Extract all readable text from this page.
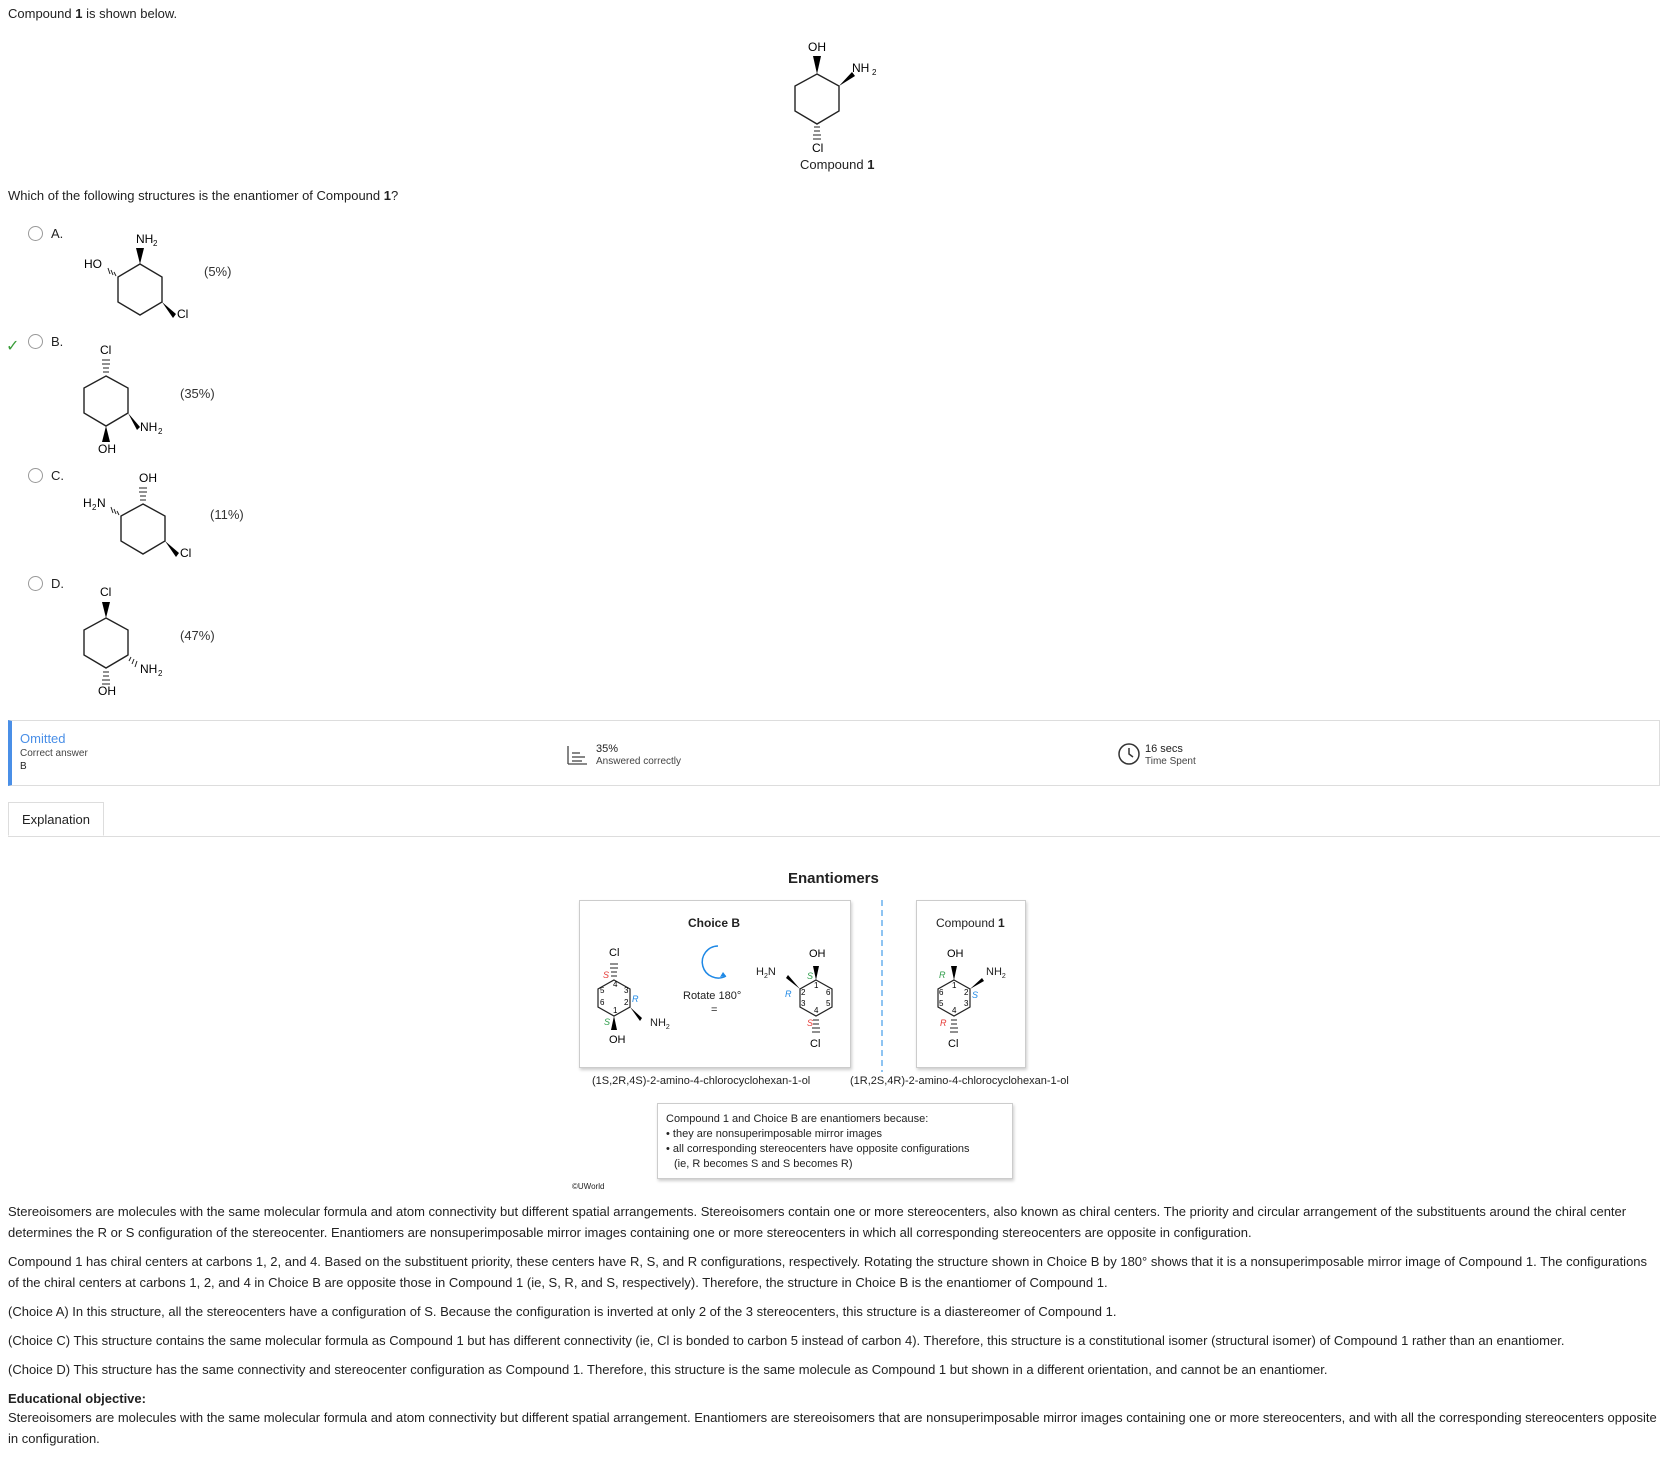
Compound 1 is shown below.
OH
NH 2
Cl
Compound 1
Which of the following structures is the enantiomer of Compound 1?
A.	NH 2
HO
Cl
(5%)
✓ B.
Cl
NH 2
OH
(35%)
C.	OH
H 2 N
Cl
(11%)
D.
Cl
NH 2
OH
(47%)
Omitted
Correct answer
B
35%
Answered correctly
16 secs
Time Spent
Explanation
Enantiomers
Choice B
Cl
OH
S
R
S
4
3
2
1
6
5
$NH_2$
Rotate 180°
=
OH
Cl
S
R
S
1
2
3
4
5
6
$H_2N$
Compound 1
OH
Cl
R
S
R
1
2
3
4
5
6
$NH_2$
(1S,2R,4S)-2-amino-4-chlorocyclohexan-1-ol	(1R,2S,4R)-2-amino-4-chlorocyclohexan-1-ol
Compound 1 and Choice B are enantiomers because:
• they are nonsuperimposable mirror images
• all corresponding stereocenters have opposite configurations
(ie, R becomes S and S becomes R)
©UWorld
Stereoisomers are molecules with the same molecular formula and atom connectivity but different spatial arrangements. Stereoisomers contain one or more stereocenters, also known as chiral centers. The priority and circular arrangement of the substituents around the chiral center determines the R or S configuration of the stereocenter. Enantiomers are nonsuperimposable mirror images containing one or more stereocenters in which all corresponding stereocenters are opposite in configuration.
Compound 1 has chiral centers at carbons 1, 2, and 4. Based on the substituent priority, these centers have R, S, and R configurations, respectively. Rotating the structure shown in Choice B by 180° shows that it is a nonsuperimposable mirror image of Compound 1. The configurations of the chiral centers at carbons 1, 2, and 4 in Choice B are opposite those in Compound 1 (ie, S, R, and S, respectively). Therefore, the structure in Choice B is the enantiomer of Compound 1.
(Choice A) In this structure, all the stereocenters have a configuration of S. Because the configuration is inverted at only 2 of the 3 stereocenters, this structure is a diastereomer of Compound 1.
(Choice C) This structure contains the same molecular formula as Compound 1 but has different connectivity (ie, Cl is bonded to carbon 5 instead of carbon 4). Therefore, this structure is a constitutional isomer (structural isomer) of Compound 1 rather than an enantiomer.
(Choice D) This structure has the same connectivity and stereocenter configuration as Compound 1. Therefore, this structure is the same molecule as Compound 1 but shown in a different orientation, and cannot be an enantiomer.
Educational objective:
Stereoisomers are molecules with the same molecular formula and atom connectivity but different spatial arrangement. Enantiomers are stereoisomers that are nonsuperimposable mirror images containing one or more stereocenters, and with all the corresponding stereocenters opposite in configuration.
